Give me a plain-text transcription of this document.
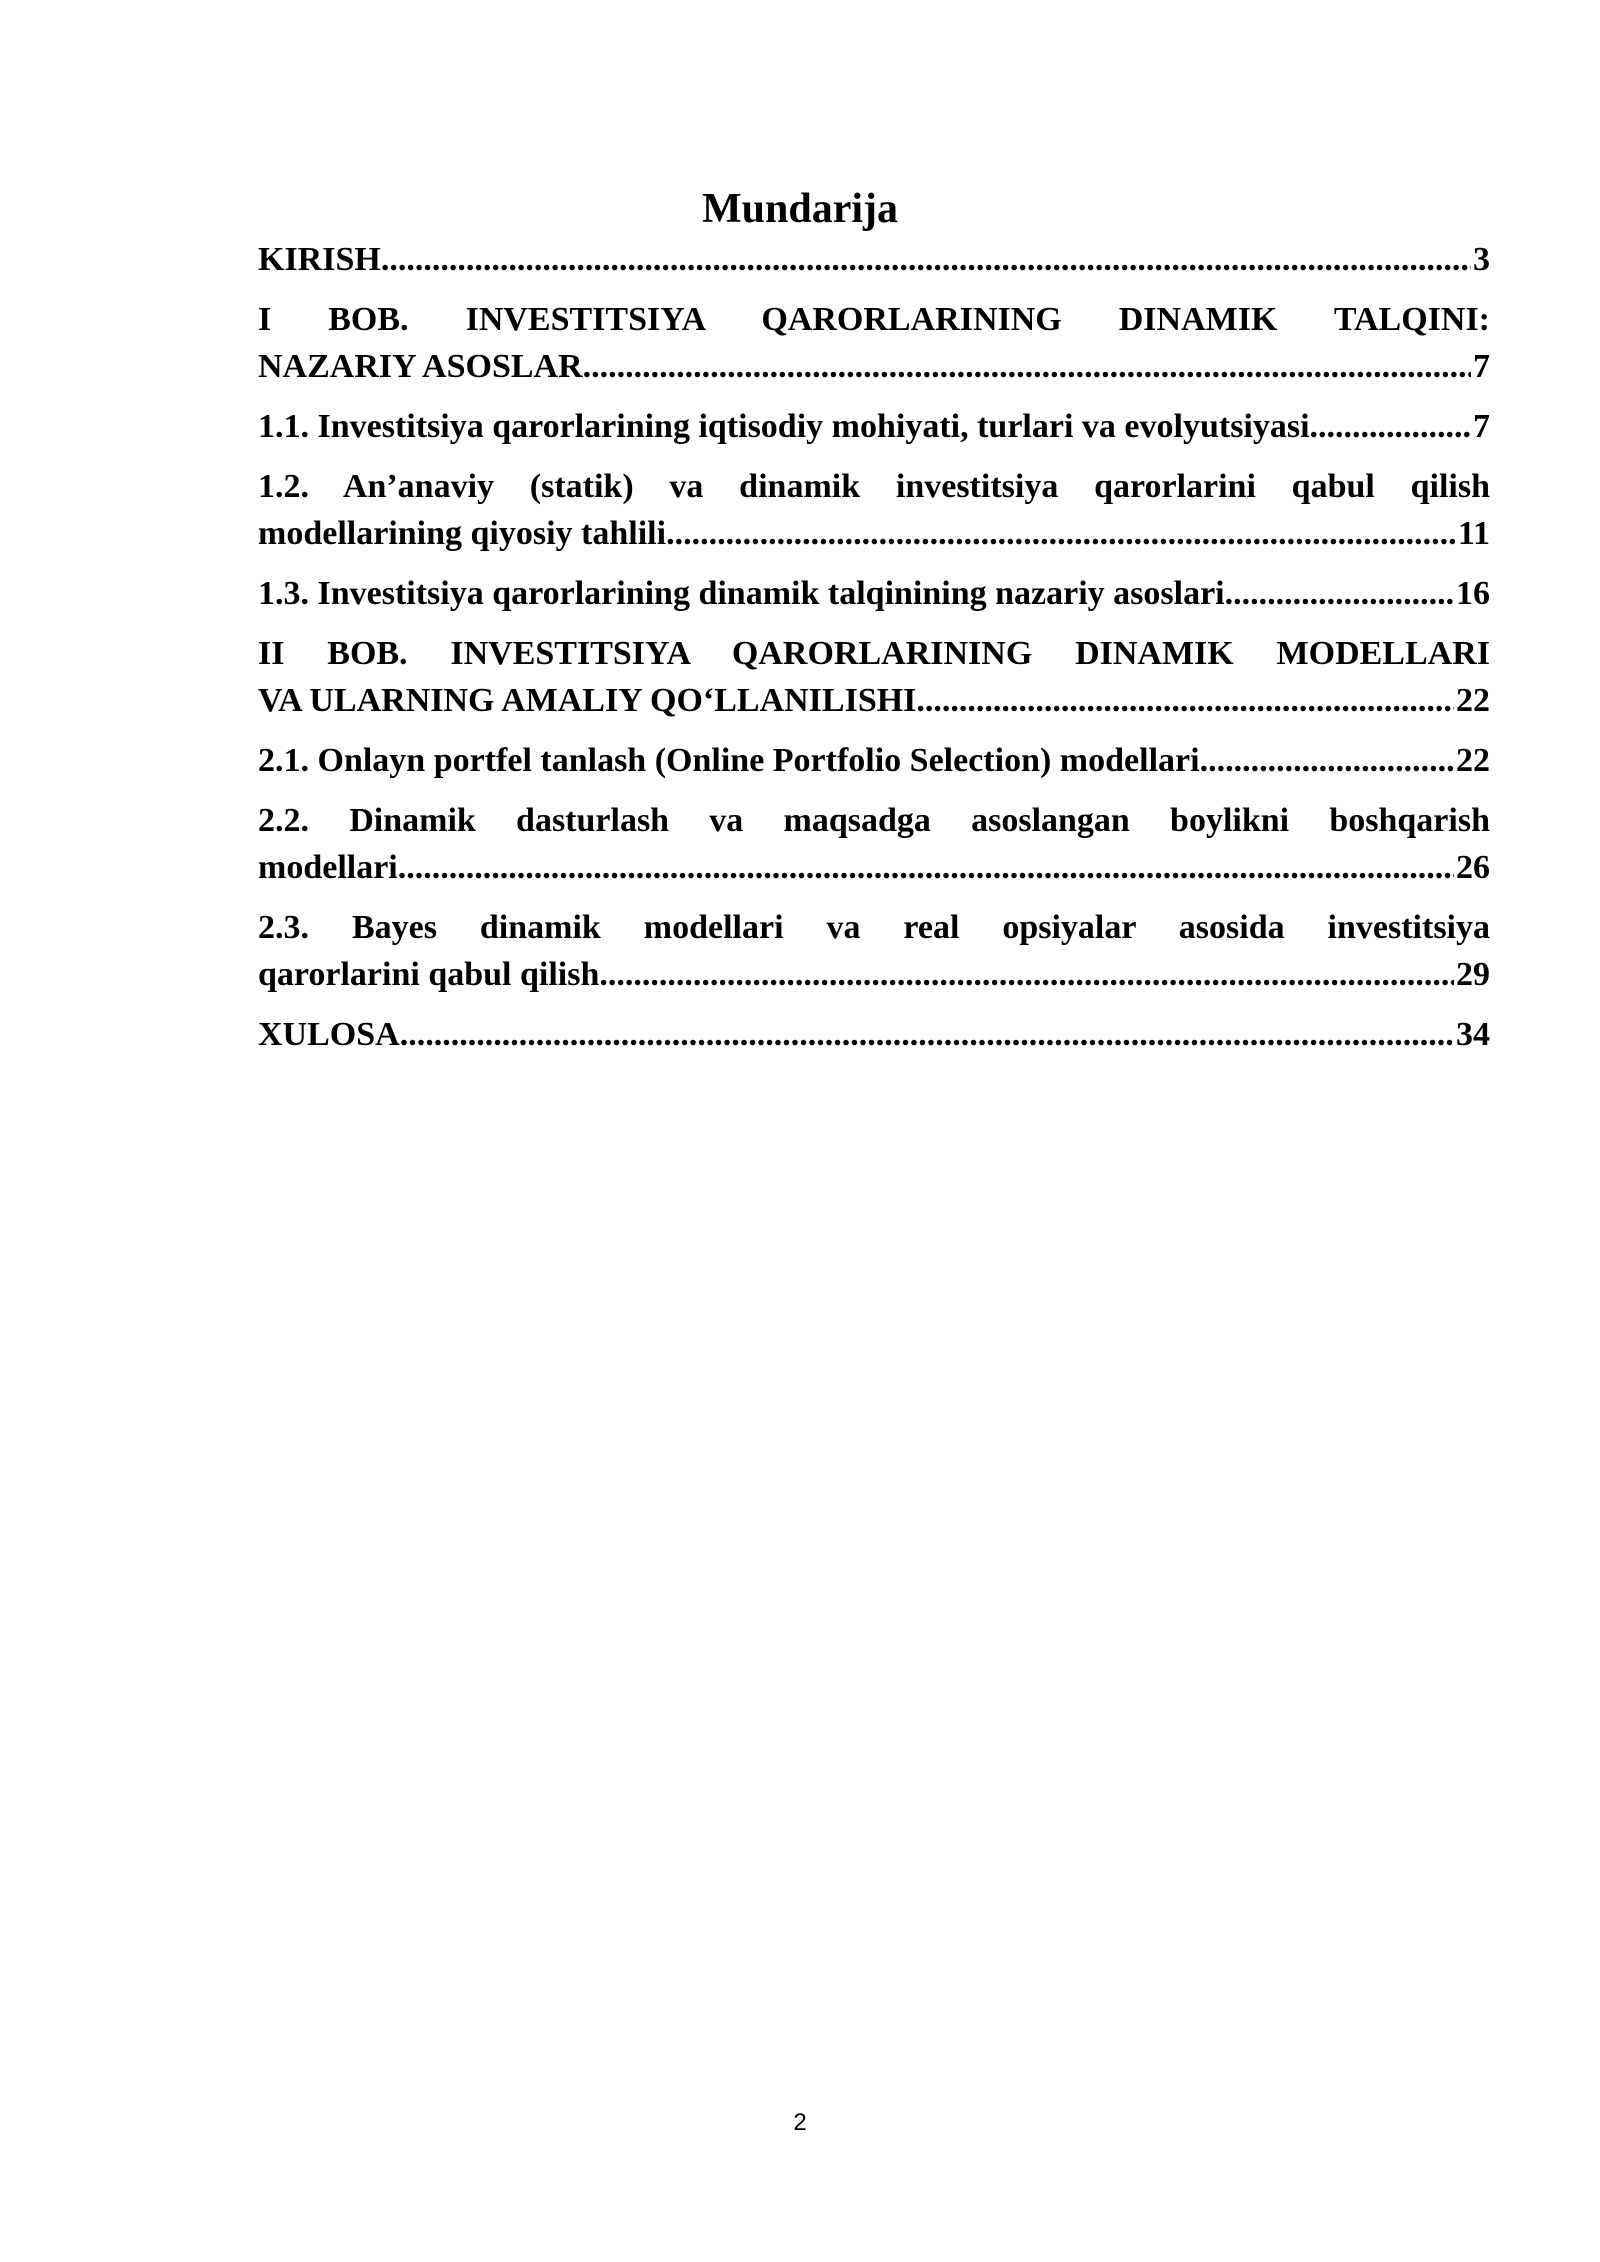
Mundarija
KIRISH .....	3
I BOB. INVESTITSIYA QARORLARINING DINAMIK TALQINI:
NAZARIY ASOSLAR .....	7
1.1. Investitsiya qarorlarining iqtisodiy mohiyati, turlari va evolyutsiyasi .....	7
1.2. An’anaviy (statik) va dinamik investitsiya qarorlarini qabul qilish
modellarining qiyosiy tahlili .....	11
1.3. Investitsiya qarorlarining dinamik talqinining nazariy asoslari .....	16
II BOB. INVESTITSIYA QARORLARINING DINAMIK MODELLARI
VA ULARNING AMALIY QO‘LLANILISHI .....	22
2.1. Onlayn portfel tanlash (Online Portfolio Selection) modellari .....	22
2.2. Dinamik dasturlash va maqsadga asoslangan boylikni boshqarish
modellari .....	26
2.3. Bayes dinamik modellari va real opsiyalar asosida investitsiya
qarorlarini qabul qilish .....	29
XULOSA .....	34
2
